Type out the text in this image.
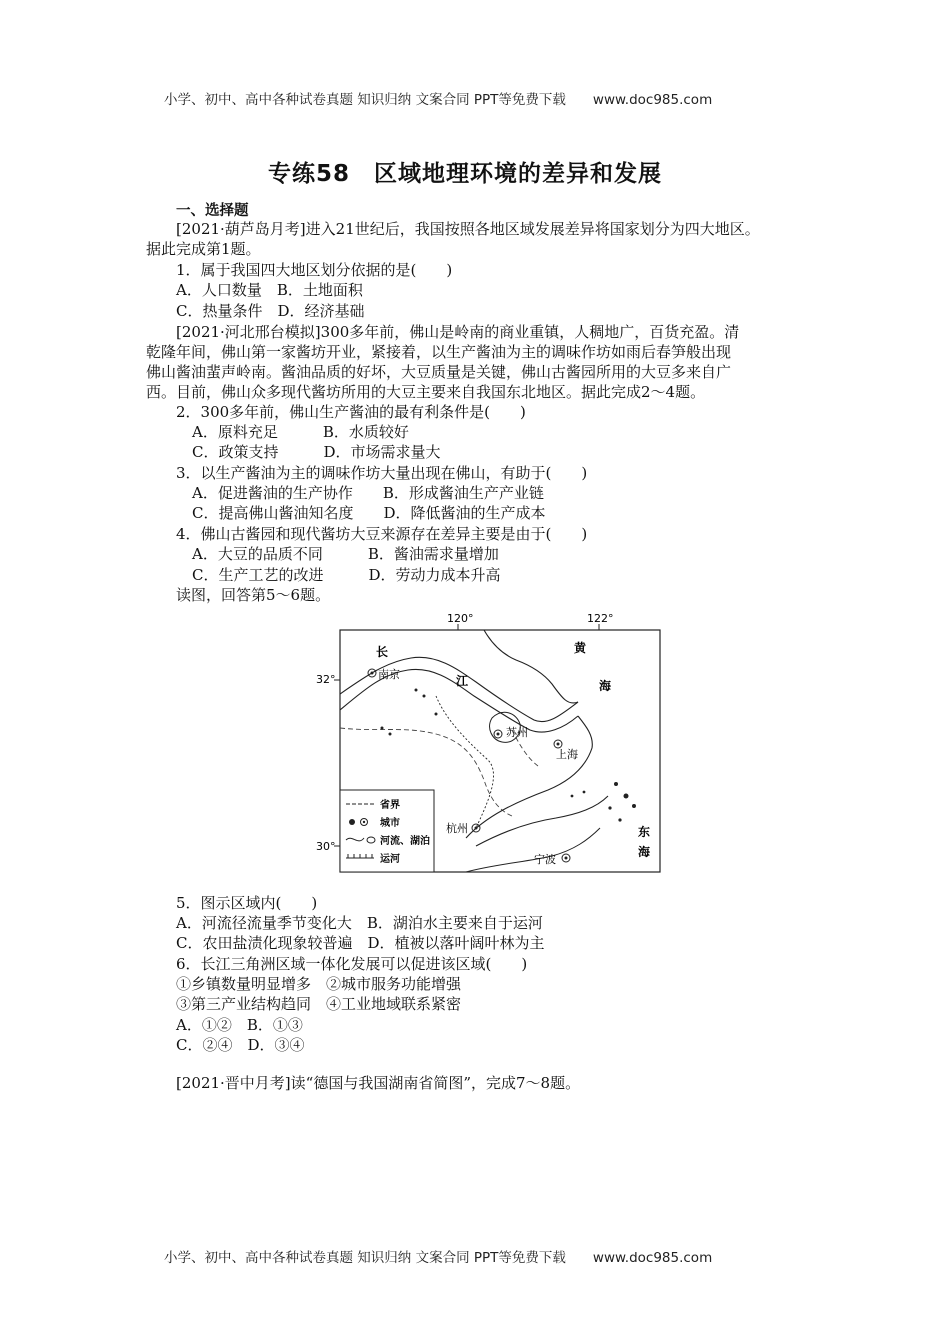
小学、初中、高中各种试卷真题 知识归纳 文案合同 PPT等免费下载　　www.doc985.com
专练58　区域地理环境的差异和发展
一、选择题
[2021·葫芦岛月考]进入21世纪后，我国按照各地区域发展差异将国家划分为四大地区。
据此完成第1题。
1．属于我国四大地区划分依据的是(　　)
A．人口数量　B．土地面积
C．热量条件　D．经济基础
[2021·河北邢台模拟]300多年前，佛山是岭南的商业重镇，人稠地广，百货充盈。清
乾隆年间，佛山第一家酱坊开业，紧接着，以生产酱油为主的调味作坊如雨后春笋般出现
佛山酱油蜚声岭南。酱油品质的好坏，大豆质量是关键，佛山古酱园所用的大豆多来自广
西。目前，佛山众多现代酱坊所用的大豆主要来自我国东北地区。据此完成2～4题。
2．300多年前，佛山生产酱油的最有利条件是(　　)
A．原料充足　　　B．水质较好
C．政策支持　　　D．市场需求量大
3．以生产酱油为主的调味作坊大量出现在佛山，有助于(　　)
A．促进酱油的生产协作　　B．形成酱油生产产业链
C．提高佛山酱油知名度　　D．降低酱油的生产成本
4．佛山古酱园和现代酱坊大豆来源存在差异主要是由于(　　)
A．大豆的品质不同　　　B．酱油需求量增加
C．生产工艺的改进　　　D．劳动力成本升高
读图，回答第5～6题。
120°	122°
32°
30°
南京
苏州
上海
杭州
宁波
长
江
黄
海
东
海
省界
城市
河流、湖泊
运河
5．图示区域内(　　)
A．河流径流量季节变化大　B．湖泊水主要来自于运河
C．农田盐渍化现象较普遍　D．植被以落叶阔叶林为主
6．长江三角洲区域一体化发展可以促进该区域(　　)
①乡镇数量明显增多　②城市服务功能增强
③第三产业结构趋同　④工业地域联系紧密
A．①②　B．①③
C．②④　D．③④
[2021·晋中月考]读“德国与我国湖南省简图”，完成7～8题。
小学、初中、高中各种试卷真题 知识归纳 文案合同 PPT等免费下载　　www.doc985.com
